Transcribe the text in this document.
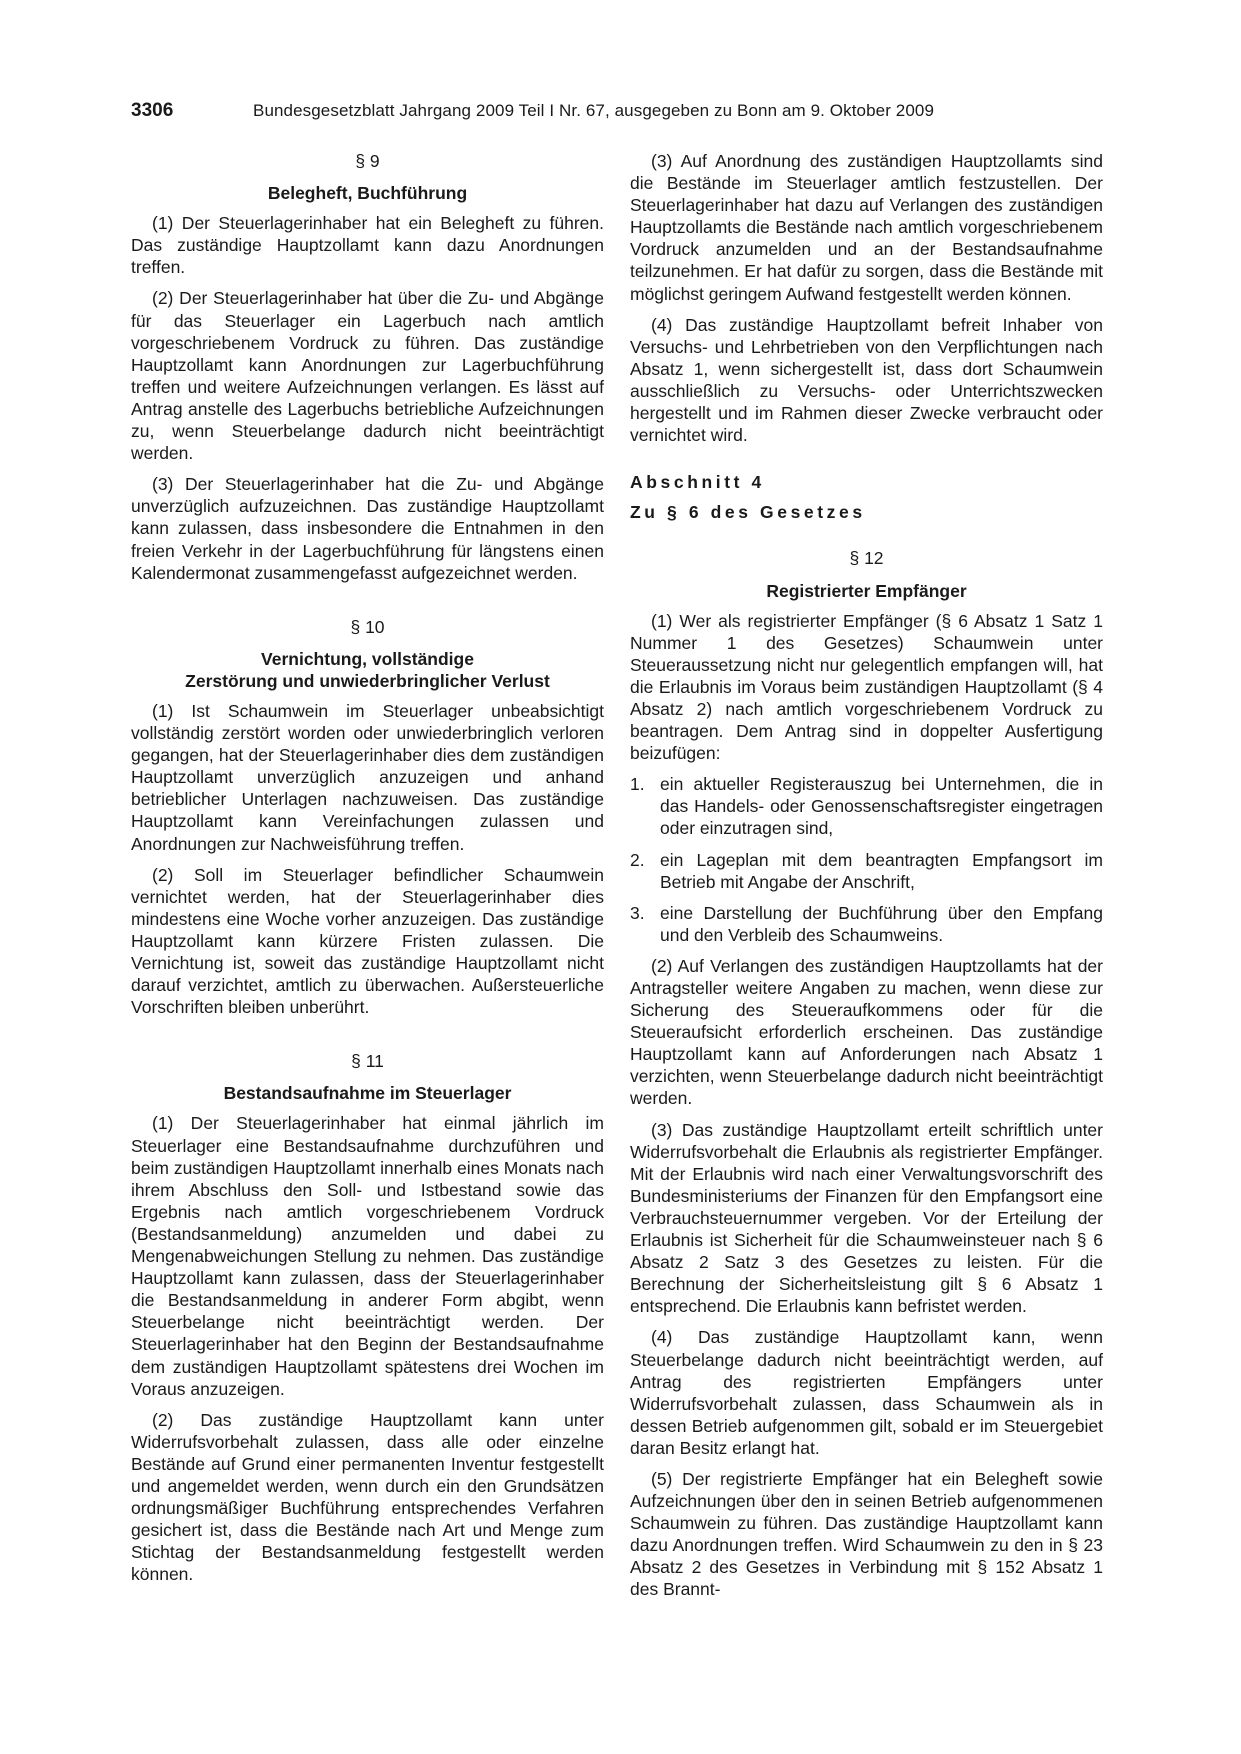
3306	Bundesgesetzblatt Jahrgang 2009 Teil I Nr. 67, ausgegeben zu Bonn am 9. Oktober 2009
§ 9
Belegheft, Buchführung

(1) Der Steuerlagerinhaber hat ein Belegheft zu führen. Das zuständige Hauptzollamt kann dazu Anordnungen treffen.

(2) Der Steuerlagerinhaber hat über die Zu- und Abgänge für das Steuerlager ein Lagerbuch nach amtlich vorgeschriebenem Vordruck zu führen. Das zuständige Hauptzollamt kann Anordnungen zur Lagerbuchführung treffen und weitere Aufzeichnungen verlangen. Es lässt auf Antrag anstelle des Lagerbuchs betriebliche Aufzeichnungen zu, wenn Steuerbelange dadurch nicht beeinträchtigt werden.

(3) Der Steuerlagerinhaber hat die Zu- und Abgänge unverzüglich aufzuzeichnen. Das zuständige Hauptzollamt kann zulassen, dass insbesondere die Entnahmen in den freien Verkehr in der Lagerbuchführung für längstens einen Kalendermonat zusammengefasst aufgezeichnet werden.

§ 10
Vernichtung, vollständige
Zerstörung und unwiederbringlicher Verlust

(1) Ist Schaumwein im Steuerlager unbeabsichtigt vollständig zerstört worden oder unwiederbringlich verloren gegangen, hat der Steuerlagerinhaber dies dem zuständigen Hauptzollamt unverzüglich anzuzeigen und anhand betrieblicher Unterlagen nachzuweisen. Das zuständige Hauptzollamt kann Vereinfachungen zulassen und Anordnungen zur Nachweisführung treffen.

(2) Soll im Steuerlager befindlicher Schaumwein vernichtet werden, hat der Steuerlagerinhaber dies mindestens eine Woche vorher anzuzeigen. Das zuständige Hauptzollamt kann kürzere Fristen zulassen. Die Vernichtung ist, soweit das zuständige Hauptzollamt nicht darauf verzichtet, amtlich zu überwachen. Außersteuerliche Vorschriften bleiben unberührt.

§ 11
Bestandsaufnahme im Steuerlager

(1) Der Steuerlagerinhaber hat einmal jährlich im Steuerlager eine Bestandsaufnahme durchzuführen und beim zuständigen Hauptzollamt innerhalb eines Monats nach ihrem Abschluss den Soll- und Istbestand sowie das Ergebnis nach amtlich vorgeschriebenem Vordruck (Bestandsanmeldung) anzumelden und dabei zu Mengenabweichungen Stellung zu nehmen. Das zuständige Hauptzollamt kann zulassen, dass der Steuerlagerinhaber die Bestandsanmeldung in anderer Form abgibt, wenn Steuerbelange nicht beeinträchtigt werden. Der Steuerlagerinhaber hat den Beginn der Bestandsaufnahme dem zuständigen Hauptzollamt spätestens drei Wochen im Voraus anzuzeigen.

(2) Das zuständige Hauptzollamt kann unter Widerrufsvorbehalt zulassen, dass alle oder einzelne Bestände auf Grund einer permanenten Inventur festgestellt und angemeldet werden, wenn durch ein den Grundsätzen ordnungsmäßiger Buchführung entsprechendes Verfahren gesichert ist, dass die Bestände nach Art und Menge zum Stichtag der Bestandsanmeldung festgestellt werden können.

(3) Auf Anordnung des zuständigen Hauptzollamts sind die Bestände im Steuerlager amtlich festzustellen. Der Steuerlagerinhaber hat dazu auf Verlangen des zuständigen Hauptzollamts die Bestände nach amtlich vorgeschriebenem Vordruck anzumelden und an der Bestandsaufnahme teilzunehmen. Er hat dafür zu sorgen, dass die Bestände mit möglichst geringem Aufwand festgestellt werden können.

(4) Das zuständige Hauptzollamt befreit Inhaber von Versuchs- und Lehrbetrieben von den Verpflichtungen nach Absatz 1, wenn sichergestellt ist, dass dort Schaumwein ausschließlich zu Versuchs- oder Unterrichtszwecken hergestellt und im Rahmen dieser Zwecke verbraucht oder vernichtet wird.

Abschnitt 4
Zu § 6 des Gesetzes
§ 12
Registrierter Empfänger

(1) Wer als registrierter Empfänger (§ 6 Absatz 1 Satz 1 Nummer 1 des Gesetzes) Schaumwein unter Steueraussetzung nicht nur gelegentlich empfangen will, hat die Erlaubnis im Voraus beim zuständigen Hauptzollamt (§ 4 Absatz 2) nach amtlich vorgeschriebenem Vordruck zu beantragen. Dem Antrag sind in doppelter Ausfertigung beizufügen:

1. ein aktueller Registerauszug bei Unternehmen, die in das Handels- oder Genossenschaftsregister eingetragen oder einzutragen sind,
2. ein Lageplan mit dem beantragten Empfangsort im Betrieb mit Angabe der Anschrift,
3. eine Darstellung der Buchführung über den Empfang und den Verbleib des Schaumweins.

(2) Auf Verlangen des zuständigen Hauptzollamts hat der Antragsteller weitere Angaben zu machen, wenn diese zur Sicherung des Steueraufkommens oder für die Steueraufsicht erforderlich erscheinen. Das zuständige Hauptzollamt kann auf Anforderungen nach Absatz 1 verzichten, wenn Steuerbelange dadurch nicht beeinträchtigt werden.

(3) Das zuständige Hauptzollamt erteilt schriftlich unter Widerrufsvorbehalt die Erlaubnis als registrierter Empfänger. Mit der Erlaubnis wird nach einer Verwaltungsvorschrift des Bundesministeriums der Finanzen für den Empfangsort eine Verbrauchsteuernummer vergeben. Vor der Erteilung der Erlaubnis ist Sicherheit für die Schaumweinsteuer nach § 6 Absatz 2 Satz 3 des Gesetzes zu leisten. Für die Berechnung der Sicherheitsleistung gilt § 6 Absatz 1 entsprechend. Die Erlaubnis kann befristet werden.

(4) Das zuständige Hauptzollamt kann, wenn Steuerbelange dadurch nicht beeinträchtigt werden, auf Antrag des registrierten Empfängers unter Widerrufsvorbehalt zulassen, dass Schaumwein als in dessen Betrieb aufgenommen gilt, sobald er im Steuergebiet daran Besitz erlangt hat.

(5) Der registrierte Empfänger hat ein Belegheft sowie Aufzeichnungen über den in seinen Betrieb aufgenommenen Schaumwein zu führen. Das zuständige Hauptzollamt kann dazu Anordnungen treffen. Wird Schaumwein zu den in § 23 Absatz 2 des Gesetzes in Verbindung mit § 152 Absatz 1 des Brannt-
